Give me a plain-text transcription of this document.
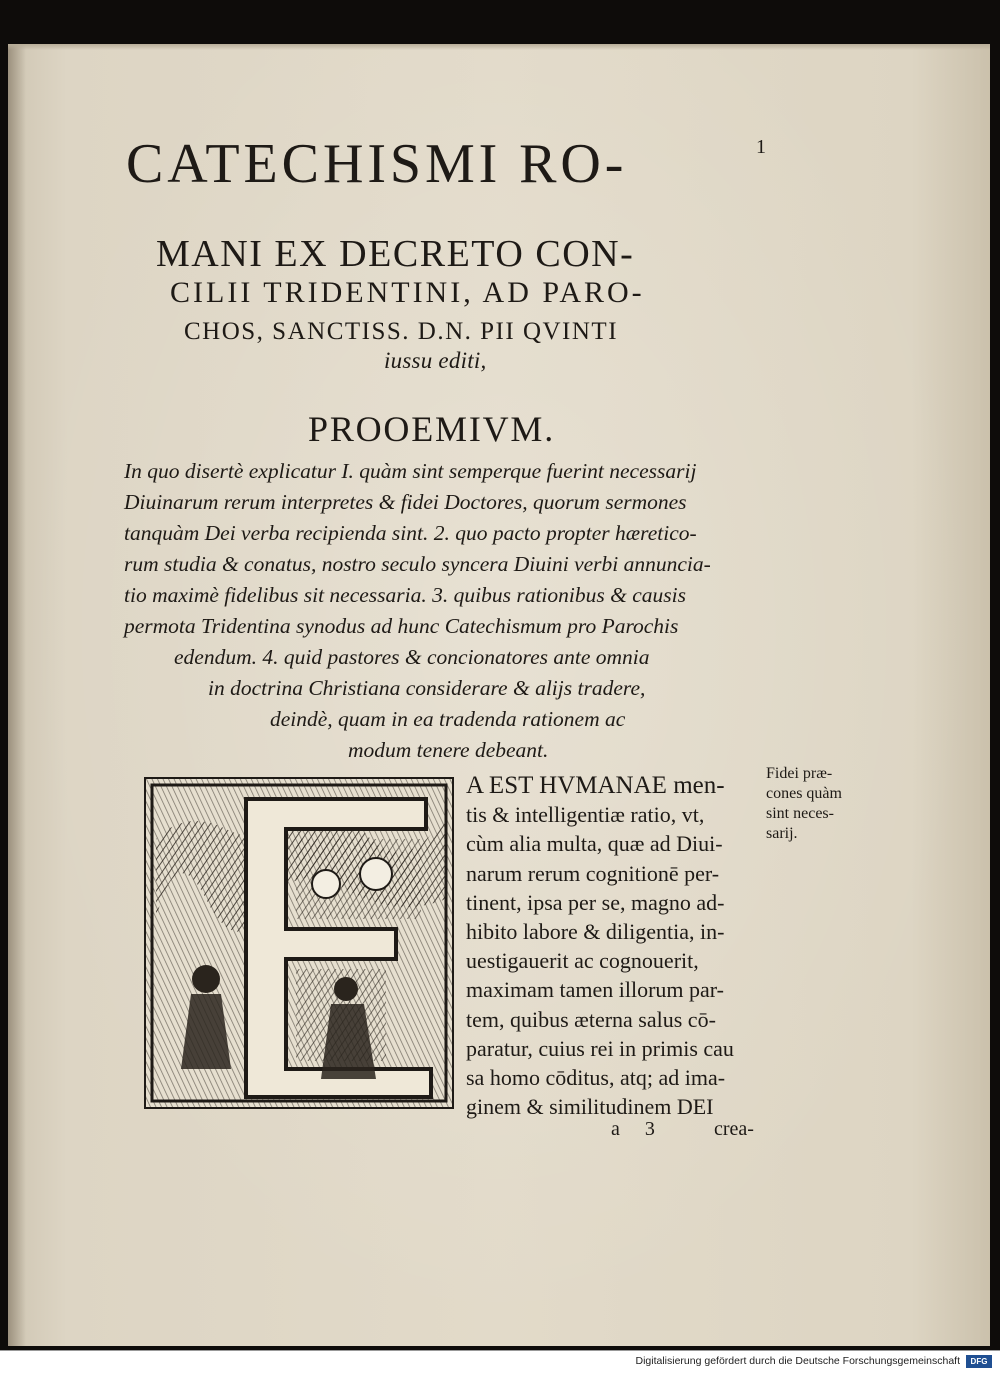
CATECHISMI RO-	1
MANI EX DECRETO CON-
CILII TRIDENTINI, AD PARO-
CHOS, SANCTISS. D.N. PII QVINTI
iussu editi,
PROOEMIVM.
In quo disertè explicatur I. quàm sint semperque fuerint necessarij
Diuinarum rerum interpretes & fidei Doctores, quorum sermones
tanquàm Dei verba recipienda sint. 2. quo pacto propter hæretico-
rum studia & conatus, nostro seculo syncera Diuini verbi annuncia-
tio maximè fidelibus sit necessaria. 3. quibus rationibus & causis
permota Tridentina synodus ad hunc Catechismum pro Parochis
edendum. 4. quid pastores & concionatores ante omnia
in doctrina Christiana considerare & alijs tradere,
deindè, quam in ea tradenda rationem ac
modum tenere debeant.
A EST HVMANAE men-
tis & intelligentiæ ratio, vt,
cùm alia multa, quæ ad Diui-
narum rerum cognitionē per-
tinent, ipsa per se, magno ad-
hibito labore & diligentia, in-
uestigauerit ac cognouerit,
maximam tamen illorum par-
tem, quibus æterna salus cō-
paratur, cuius rei in primis cau
sa homo cōditus, atq; ad ima-
ginem & similitudinem DEI
Fidei præ-
cones quàm
sint neces-
sarij.
a 3 crea-
Digitalisierung gefördert durch die Deutsche Forschungsgemeinschaft	DFG
